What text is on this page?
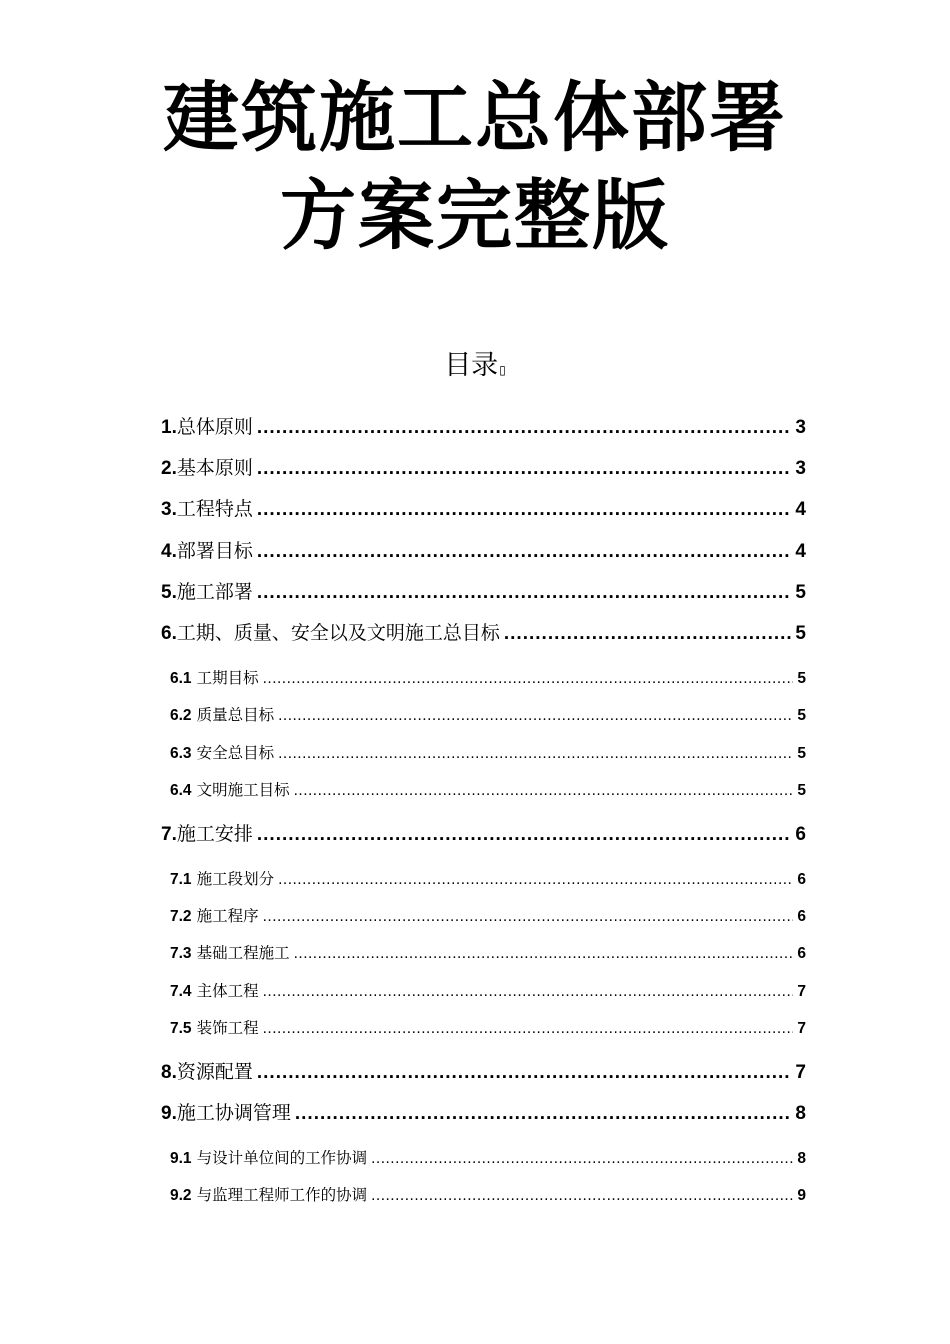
建筑施工总体部署
方案完整版
目录▯
1. 总体原则 .....	3
2. 基本原则 .....	3
3. 工程特点 .....	4
4. 部署目标 .....	4
5. 施工部署 .....	5
6. 工期、质量、安全以及文明施工总目标 .....	5
6.1 工期目标 .....	5
6.2 质量总目标 .....	5
6.3 安全总目标 .....	5
6.4 文明施工目标 .....	5
7. 施工安排 .....	6
7.1 施工段划分 .....	6
7.2 施工程序 .....	6
7.3 基础工程施工 .....	6
7.4 主体工程 .....	7
7.5 装饰工程 .....	7
8. 资源配置 .....	7
9. 施工协调管理 .....	8
9.1 与设计单位间的工作协调 .....	8
9.2 与监理工程师工作的协调 .....	9
